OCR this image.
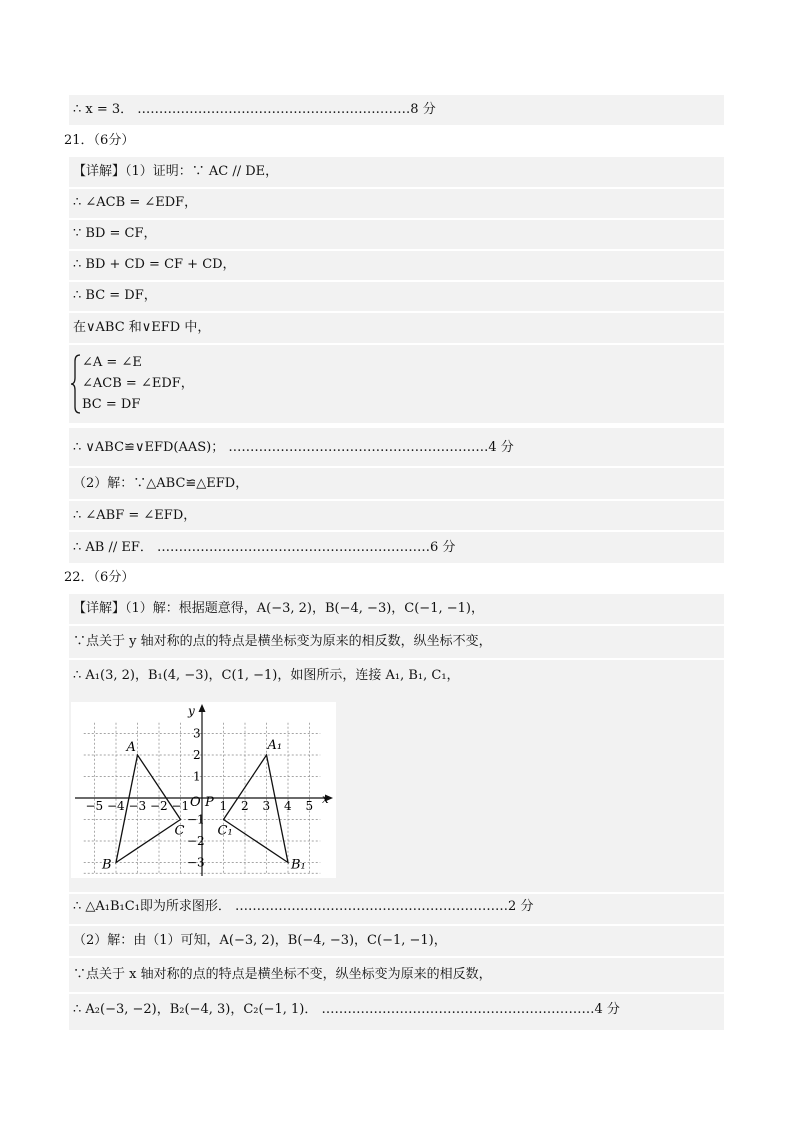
∴ x = 3． ………………………………………………………8 分
21．（6分）
【详解】（1）证明：∵ AC // DE，
∴ ∠ACB = ∠EDF，
∵ BD = CF，
∴ BD + CD = CF + CD，
∴ BC = DF，
在∨ABC 和∨EFD 中，
∠A = ∠E
∠ACB = ∠EDF，
BC = DF
∴ ∨ABC≌∨EFD(AAS)； ……………………………………………………4 分
（2）解：∵△ABC≌△EFD，
∴ ∠ABF = ∠EFD，
∴ AB // EF． ………………………………………………………6 分
22．（6分）
【详解】（1）解：根据题意得，A(−3, 2)，B(−4, −3)，C(−1, −1)，
∵点关于 y 轴对称的点的特点是横坐标变为原来的相反数，纵坐标不变，
∴ A₁(3, 2)，B₁(4, −3)，C(1, −1)，如图所示，连接 A₁, B₁, C₁，
x
y
O P
−5 −4 −3 −2 −1	1 2 3 4 5
3
2
1
−1
−2
−3
A
B
C
A₁
B₁
C₁
∴ △A₁B₁C₁即为所求图形． ………………………………………………………2 分
（2）解：由（1）可知，A(−3, 2)，B(−4, −3)，C(−1, −1)，
∵点关于 x 轴对称的点的特点是横坐标不变，纵坐标变为原来的相反数，
∴ A₂(−3, −2)，B₂(−4, 3)，C₂(−1, 1)． ………………………………………………………4 分
